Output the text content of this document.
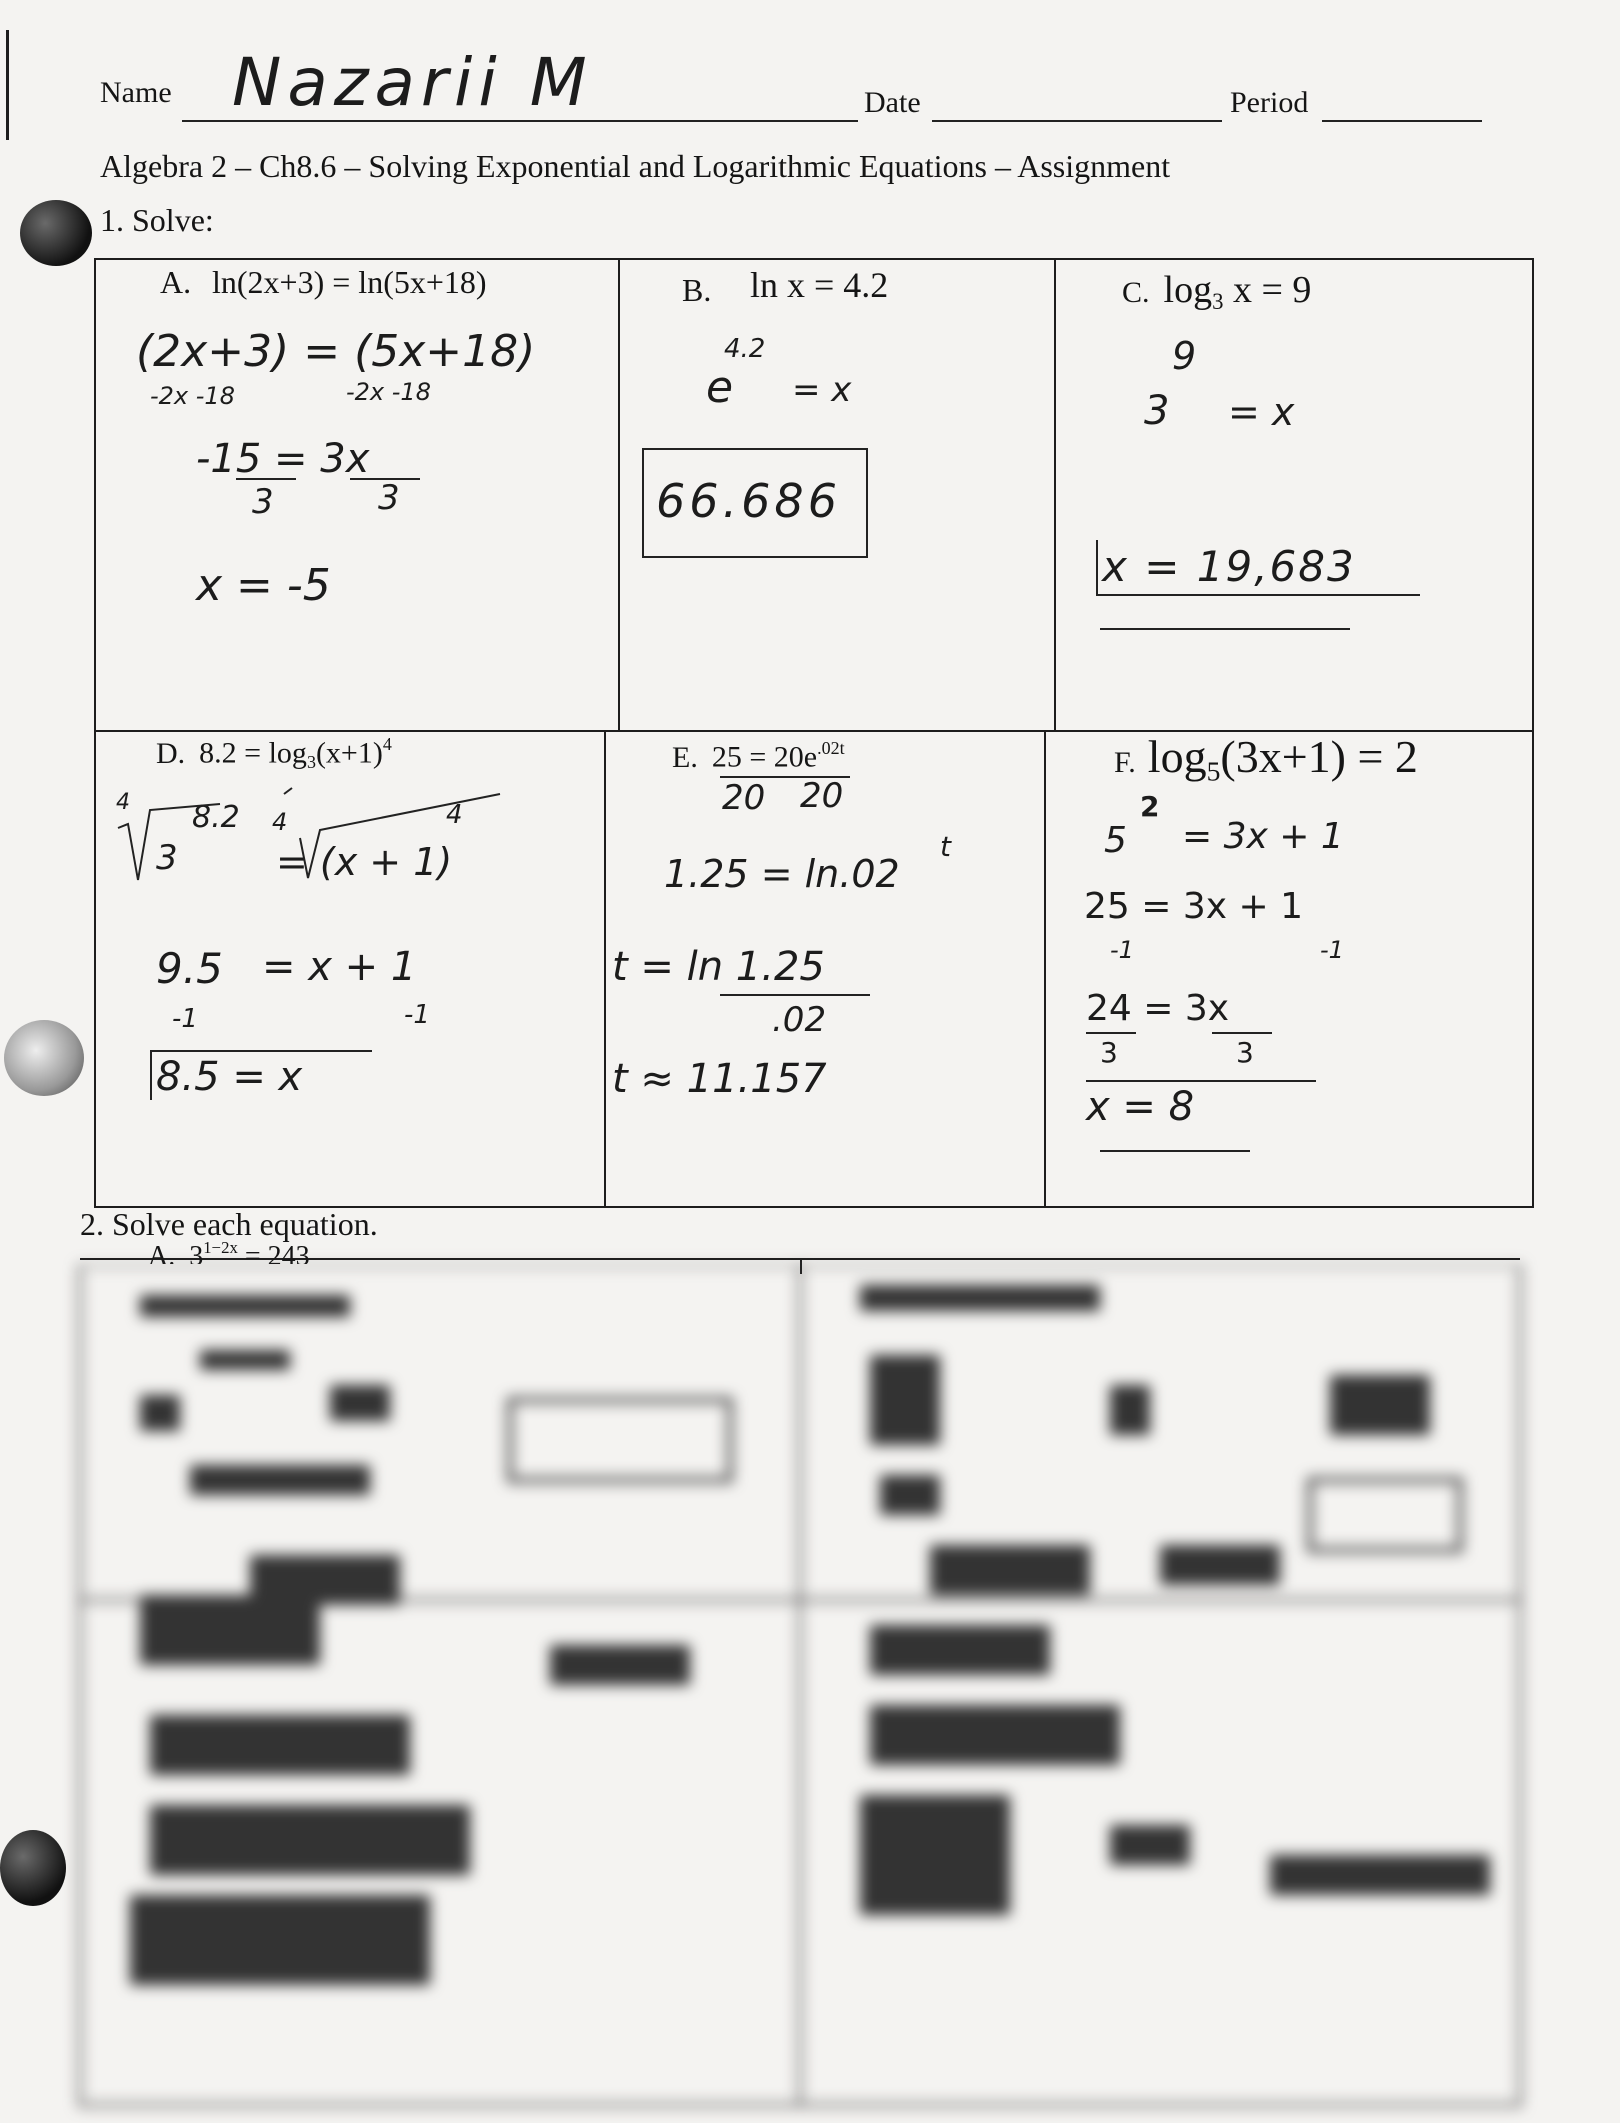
Name Nazarii M	Date	Period
Algebra 2 – Ch8.6 – Solving Exponential and Logarithmic Equations – Assignment
1. Solve:
A. ln(2x+3) = ln(5x+18)
(2x+3) = (5x+18)
-2x -18	-2x -18
-15 = 3x
3	3
x = -5
B. ln x = 4.2
4.2
e = x
66.686
C. $\log_3 x = 9$
9
3 = x
x = 19,683
D. $8.2 = \log_3(x+1)^4$
4 8.2
3
4
= (x + 1)
4
9.5 = x + 1
-1	-1
8.5 = x
E. $25 = 20e^{.02t}$
20 20
1.25 = ln.02
t
t = ln 1.25
.02
t ≈ 11.157
F. $\log_5(3x+1) = 2$
2
5 = 3x + 1
25 = 3x + 1
-1	-1
24 = 3x
3	3
x = 8
2. Solve each equation.
A. $3^{1-2x} = 243$
